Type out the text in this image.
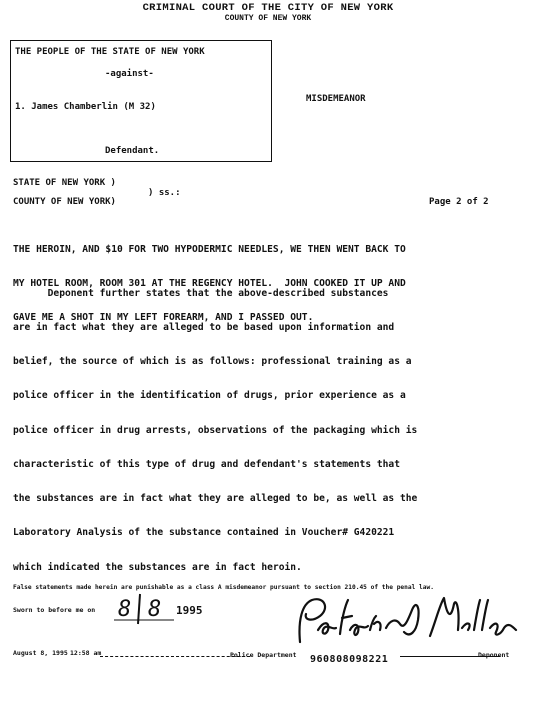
CRIMINAL COURT OF THE CITY OF NEW YORK
COUNTY OF NEW YORK
THE PEOPLE OF THE STATE OF NEW YORK
-against-
1. James Chamberlin (M 32)
Defendant.
MISDEMEANOR
STATE OF NEW YORK )
) ss.:
COUNTY OF NEW YORK)	Page 2 of 2

THE HEROIN, AND $10 FOR TWO HYPODERMIC NEEDLES, WE THEN WENT BACK TO

MY HOTEL ROOM, ROOM 301 AT THE REGENCY HOTEL.  JOHN COOKED IT UP AND

GAVE ME A SHOT IN MY LEFT FOREARM, AND I PASSED OUT.

Deponent further states that the above-described substances

are in fact what they are alleged to be based upon information and

belief, the source of which is as follows: professional training as a

police officer in the identification of drugs, prior experience as a

police officer in drug arrests, observations of the packaging which is

characteristic of this type of drug and defendant's statements that

the substances are in fact what they are alleged to be, as well as the

Laboratory Analysis of the substance contained in Voucher# G420221

which indicated the substances are in fact heroin.

False statements made herein are punishable as a class A misdemeanor pursuant to section 210.45 of the penal law.
Sworn to before me on 8 8 1995
August 8, 1995 12:58 am	Police Department 960808098221	Deponent
